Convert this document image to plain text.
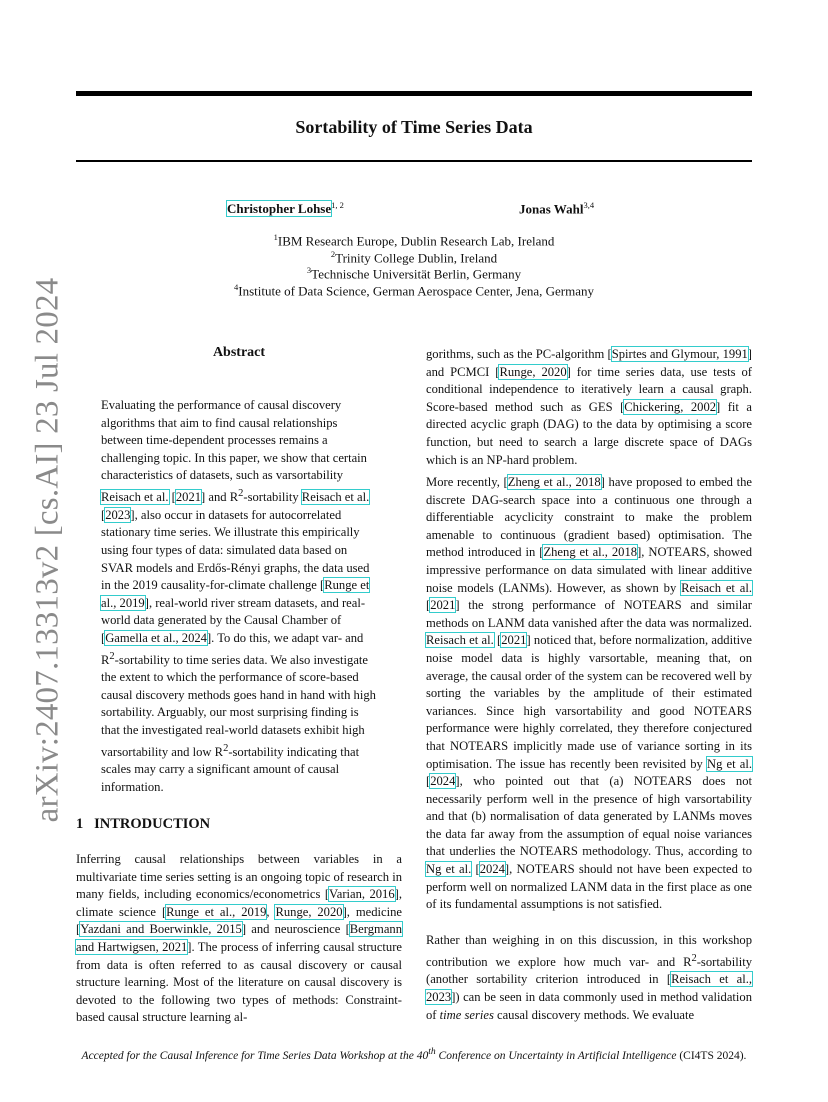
Sortability of Time Series Data
arXiv:2407.13313v2 [cs.AI] 23 Jul 2024
Christopher Lohse$^{1, 2}$	Jonas Wahl$^{3,4}$
$^1$IBM Research Europe, Dublin Research Lab, Ireland
$^2$Trinity College Dublin, Ireland
$^3$Technische Universität Berlin, Germany
$^4$Institute of Data Science, German Aerospace Center, Jena, Germany
Abstract
Evaluating the performance of causal discovery algorithms that aim to find causal relationships between time-dependent processes remains a challenging topic. In this paper, we show that certain characteristics of datasets, such as varsortability Reisach et al. [2021] and $R^2$-sortability Reisach et al. [2023], also occur in datasets for autocorrelated stationary time series. We illustrate this empirically using four types of data: simulated data based on SVAR models and Erdős-Rényi graphs, the data used in the 2019 causality-for-climate challenge [Runge et al., 2019], real-world river stream datasets, and real-world data generated by the Causal Chamber of [Gamella et al., 2024]. To do this, we adapt var- and $R^2$-sortability to time series data. We also investigate the extent to which the performance of score-based causal discovery methods goes hand in hand with high sortability. Arguably, our most surprising finding is that the investigated real-world datasets exhibit high varsortability and low $R^2$-sortability indicating that scales may carry a significant amount of causal information.
1 INTRODUCTION
Inferring causal relationships between variables in a multivariate time series setting is an ongoing topic of research in many fields, including economics/econometrics [Varian, 2016], climate science [Runge et al., 2019, Runge, 2020], medicine [Yazdani and Boerwinkle, 2015] and neuroscience [Bergmann and Hartwigsen, 2021]. The process of inferring causal structure from data is often referred to as causal discovery or causal structure learning. Most of the literature on causal discovery is devoted to the following two types of methods: Constraint-based causal structure learning al-
gorithms, such as the PC-algorithm [Spirtes and Glymour, 1991] and PCMCI [Runge, 2020] for time series data, use tests of conditional independence to iteratively learn a causal graph. Score-based method such as GES [Chickering, 2002] fit a directed acyclic graph (DAG) to the data by optimising a score function, but need to search a large discrete space of DAGs which is an NP-hard problem.
More recently, [Zheng et al., 2018] have proposed to embed the discrete DAG-search space into a continuous one through a differentiable acyclicity constraint to make the problem amenable to continuous (gradient based) optimisation. The method introduced in [Zheng et al., 2018], NOTEARS, showed impressive performance on data simulated with linear additive noise models (LANMs). However, as shown by Reisach et al. [2021] the strong performance of NOTEARS and similar methods on LANM data vanished after the data was normalized. Reisach et al. [2021] noticed that, before normalization, additive noise model data is highly varsortable, meaning that, on average, the causal order of the system can be recovered well by sorting the variables by the amplitude of their estimated variances. Since high varsortability and good NOTEARS performance were highly correlated, they therefore conjectured that NOTEARS implicitly made use of variance sorting in its optimisation. The issue has recently been revisited by Ng et al. [2024], who pointed out that (a) NOTEARS does not necessarily perform well in the presence of high varsortability and that (b) normalisation of data generated by LANMs moves the data far away from the assumption of equal noise variances that underlies the NOTEARS methodology. Thus, according to Ng et al. [2024], NOTEARS should not have been expected to perform well on normalized LANM data in the first place as one of its fundamental assumptions is not satisfied.
Rather than weighing in on this discussion, in this workshop contribution we explore how much var- and $R^2$-sortability (another sortability criterion introduced in [Reisach et al., 2023]) can be seen in data commonly used in method validation of time series causal discovery methods. We evaluate
Accepted for the Causal Inference for Time Series Data Workshop at the 40th Conference on Uncertainty in Artificial Intelligence (CI4TS 2024).
